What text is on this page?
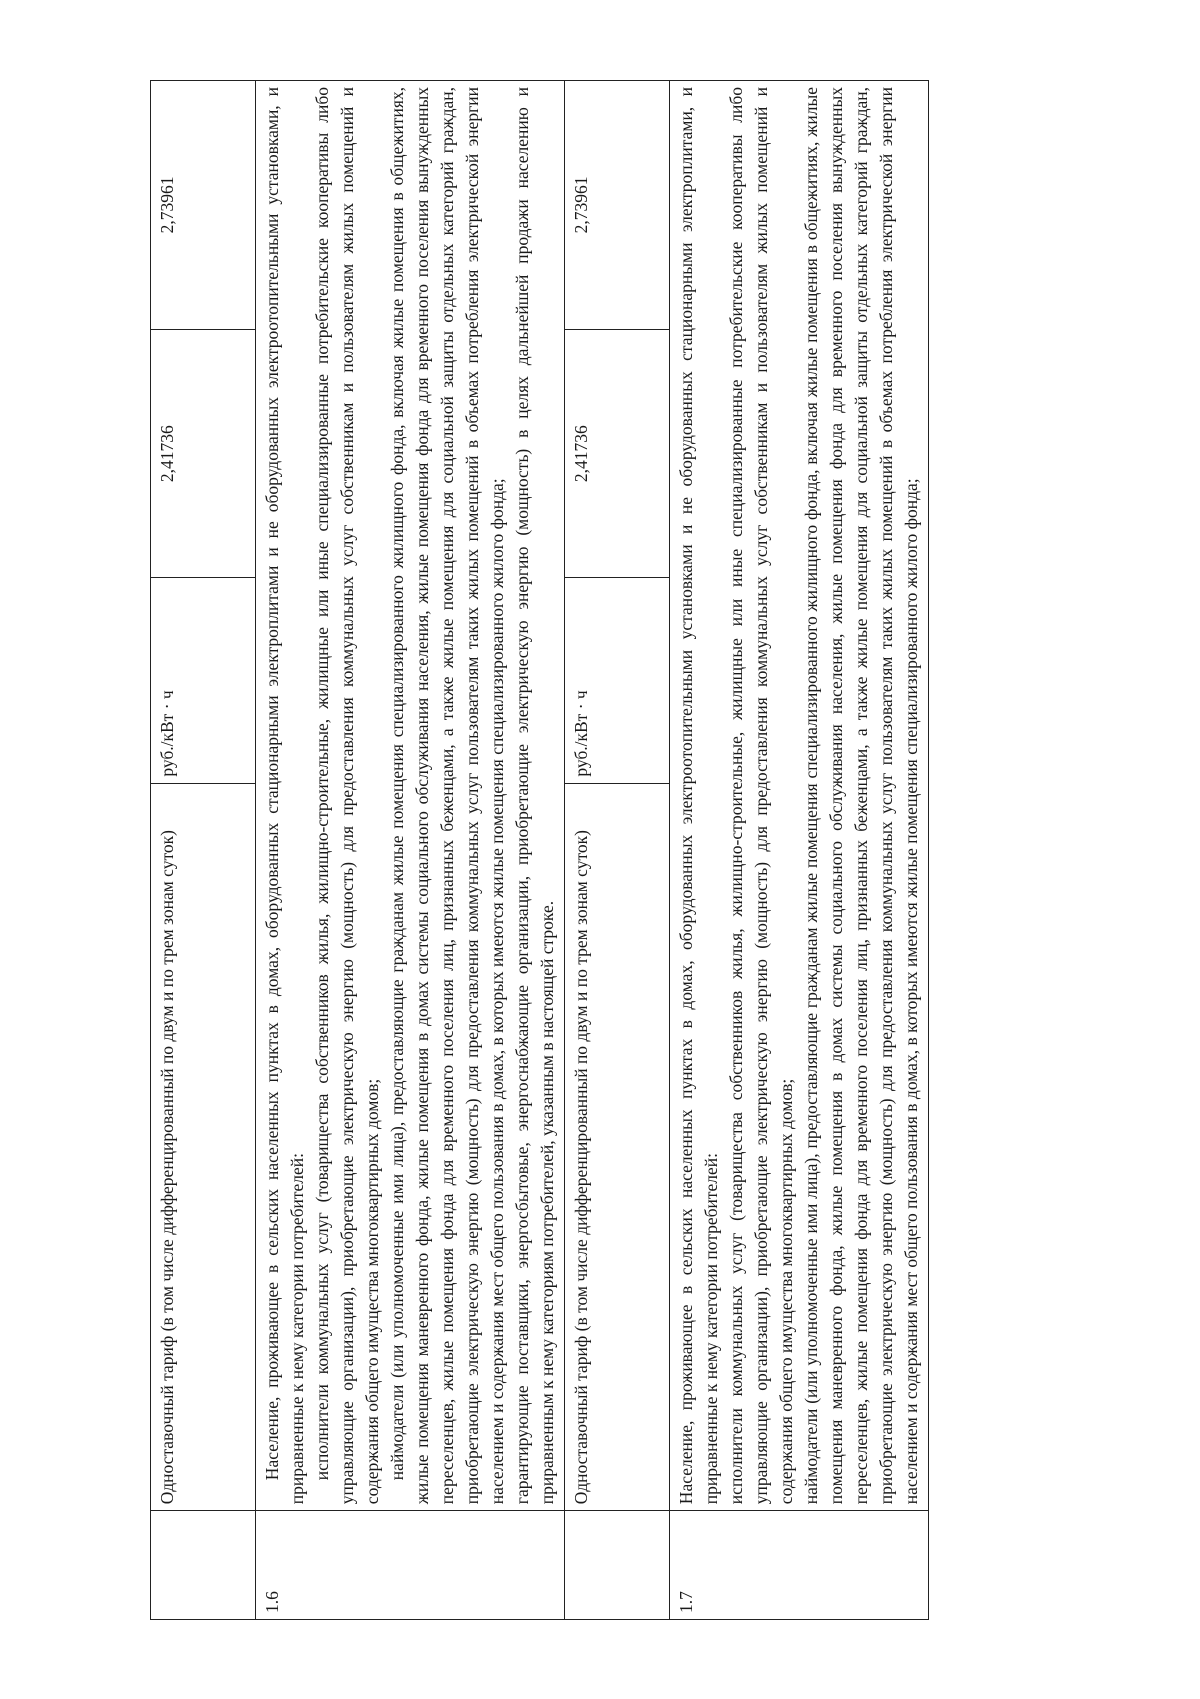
	Одноставочный тариф (в том числе дифференцированный по двум и по трем зонам суток)	руб./кВт · ч	2,41736	2,73961
1.6	Население, проживающее в сельских населенных пунктах в домах, оборудованных стационарными электроплитами и не оборудованных электроотопительными установками, и приравненные к нему категории потребителей: исполнители коммунальных услуг (товарищества собственников жилья, жилищно-строительные, жилищные или иные специализированные потребительские кооперативы либо управляющие организации), приобретающие электрическую энергию (мощность) для предоставления коммунальных услуг собственникам и пользователям жилых помещений и содержания общего имущества многоквартирных домов; наймодатели (или уполномоченные ими лица), предоставляющие гражданам жилые помещения специализированного жилищного фонда, включая жилые помещения в общежитиях, жилые помещения маневренного фонда, жилые помещения в домах системы социального обслуживания населения, жилые помещения фонда для временного поселения вынужденных переселенцев, жилые помещения фонда для временного поселения лиц, признанных беженцами, а также жилые помещения для социальной защиты отдельных категорий граждан, приобретающие электрическую энергию (мощность) для предоставления коммунальных услуг пользователям таких жилых помещений в объемах потребления электрической энергии населением и содержания мест общего пользования в домах, в которых имеются жилые помещения специализированного жилого фонда; гарантирующие поставщики, энергосбытовые, энергоснабжающие организации, приобретающие электрическую энергию (мощность) в целях дальнейшей продажи населению и приравненным к нему категориям потребителей, указанным в настоящей строке.			

	Одноставочный тариф (в том числе дифференцированный по двум и по трем зонам суток)	руб./кВт · ч	2,41736	2,73961
1.7	Население, проживающее в сельских населенных пунктах в домах, оборудованных электроотопительными установками и не оборудованных стационарными электроплитами, и приравненные к нему категории потребителей: исполнители коммунальных услуг (товарищества собственников жилья, жилищно-строительные, жилищные или иные специализированные потребительские кооперативы либо управляющие организации), приобретающие электрическую энергию (мощность) для предоставления коммунальных услуг собственникам и пользователям жилых помещений и содержания общего имущества многоквартирных домов; наймодатели (или уполномоченные ими лица), предоставляющие гражданам жилые помещения специализированного жилищного фонда, включая жилые помещения в общежитиях, жилые помещения маневренного фонда, жилые помещения в домах системы социального обслуживания населения, жилые помещения фонда для временного поселения вынужденных переселенцев, жилые помещения фонда для временного поселения лиц, признанных беженцами, а также жилые помещения для социальной защиты отдельных категорий граждан, приобретающие электрическую энергию (мощность) для предоставления коммунальных услуг пользователям таких жилых помещений в объемах потребления электрической энергии населением и содержания мест общего пользования в домах, в которых имеются жилые помещения специализированного жилого фонда;			
